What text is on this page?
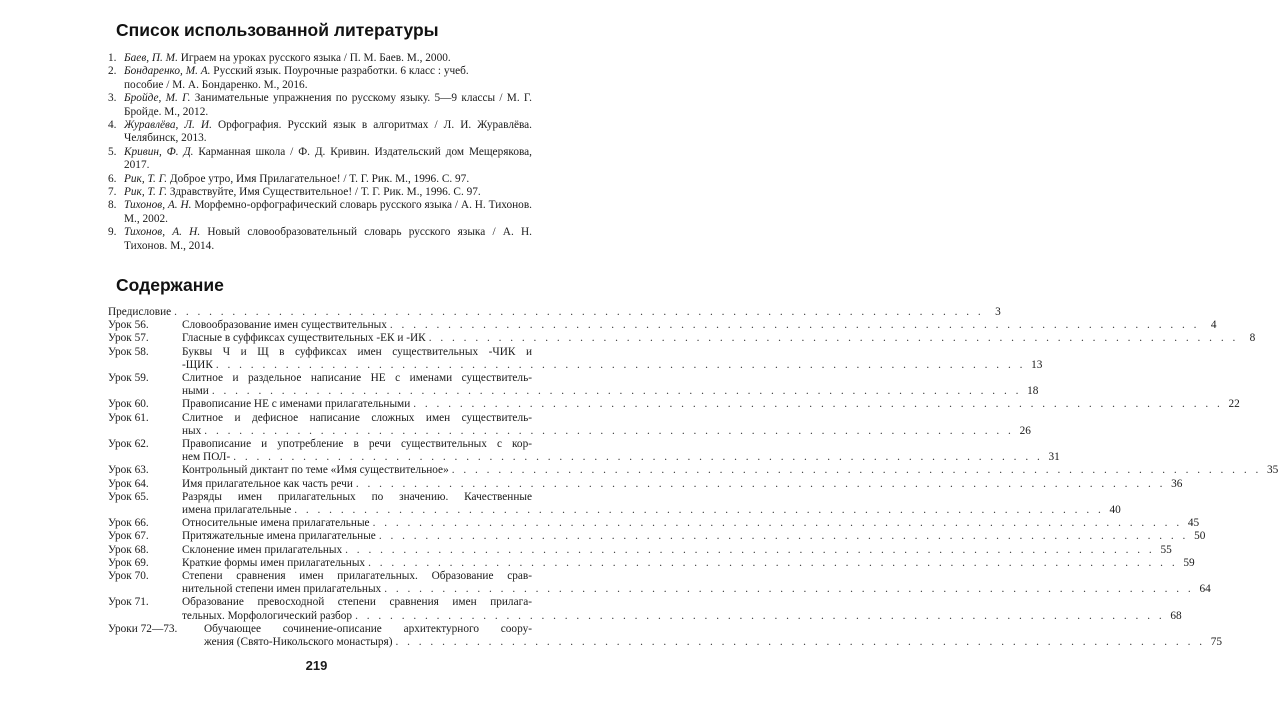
Список использованной литературы
1. Баев, П. М. Играем на уроках русского языка / П. М. Баев. М., 2000.
2. Бондаренко, М. А. Русский язык. Поурочные разработки. 6 класс : учеб.
пособие / М. А. Бондаренко. М., 2016.
3. Бройде, М. Г. Занимательные упражнения по русскому языку. 5—9 классы / М. Г. Бройде. М., 2012.
4. Журавлёва, Л. И. Орфография. Русский язык в алгоритмах / Л. И. Журавлёва. Челябинск, 2013.
5. Кривин, Ф. Д. Карманная школа / Ф. Д. Кривин. Издательский дом Мещерякова, 2017.
6. Рик, Т. Г. Доброе утро, Имя Прилагательное! / Т. Г. Рик. М., 1996. С. 97.
7. Рик, Т. Г. Здравствуйте, Имя Существительное! / Т. Г. Рик. М., 1996. С. 97.
8. Тихонов, А. Н. Морфемно-орфографический словарь русского языка / А. Н. Тихонов. М., 2002.
9. Тихонов, А. Н. Новый словообразовательный словарь русского языка / А. Н. Тихонов. М., 2014.
Содержание
Предисловие . . . . . . . . . . . . . . . . . . . . . . . . . . . . . . . . . . . . . . . . . . . . . . . . . . . . . . . . . . . . . . . . . . . . . .	3
Урок 56.	Словообразование имен существительных . . . . . . . . . . . . . . . . . . . . . . . . . . . . . . . . . . . . . . . . . . . . . . . . . . . . . . . . . . . . . . . . . . . . . .	4
Урок 57.	Гласные в суффиксах существительных -ЕК и -ИК . . . . . . . . . . . . . . . . . . . . . . . . . . . . . . . . . . . . . . . . . . . . . . . . . . . . . . . . . . . . . . . . . . . . . .	8
Урок 58.	Буквы Ч и Щ в суффиксах имен существительных -ЧИК и
-ЩИК . . . . . . . . . . . . . . . . . . . . . . . . . . . . . . . . . . . . . . . . . . . . . . . . . . . . . . . . . . . . . . . . . . . . . . 13
Урок 59.	Слитное и раздельное написание НЕ с именами существитель-
ными . . . . . . . . . . . . . . . . . . . . . . . . . . . . . . . . . . . . . . . . . . . . . . . . . . . . . . . . . . . . . . . . . . . . . . 18
Урок 60.	Правописание НЕ с именами прилагательными . . . . . . . . . . . . . . . . . . . . . . . . . . . . . . . . . . . . . . . . . . . . . . . . . . . . . . . . . . . . . . . . . . . . . . 22
Урок 61.	Слитное и дефисное написание сложных имен существитель-
ных . . . . . . . . . . . . . . . . . . . . . . . . . . . . . . . . . . . . . . . . . . . . . . . . . . . . . . . . . . . . . . . . . . . . . . 26
Урок 62.	Правописание и употребление в речи существительных с кор-
нем ПОЛ- . . . . . . . . . . . . . . . . . . . . . . . . . . . . . . . . . . . . . . . . . . . . . . . . . . . . . . . . . . . . . . . . . . . . . . 31
Урок 63.	Контрольный диктант по теме «Имя существительное» . . . . . . . . . . . . . . . . . . . . . . . . . . . . . . . . . . . . . . . . . . . . . . . . . . . . . . . . . . . . . . . . . . . . . . 35
Урок 64.	Имя прилагательное как часть речи . . . . . . . . . . . . . . . . . . . . . . . . . . . . . . . . . . . . . . . . . . . . . . . . . . . . . . . . . . . . . . . . . . . . . . 36
Урок 65.	Разряды имен прилагательных по значению. Качественные
имена прилагательные . . . . . . . . . . . . . . . . . . . . . . . . . . . . . . . . . . . . . . . . . . . . . . . . . . . . . . . . . . . . . . . . . . . . . . 40
Урок 66.	Относительные имена прилагательные . . . . . . . . . . . . . . . . . . . . . . . . . . . . . . . . . . . . . . . . . . . . . . . . . . . . . . . . . . . . . . . . . . . . . . 45
Урок 67.	Притяжательные имена прилагательные . . . . . . . . . . . . . . . . . . . . . . . . . . . . . . . . . . . . . . . . . . . . . . . . . . . . . . . . . . . . . . . . . . . . . . 50
Урок 68.	Склонение имен прилагательных . . . . . . . . . . . . . . . . . . . . . . . . . . . . . . . . . . . . . . . . . . . . . . . . . . . . . . . . . . . . . . . . . . . . . . 55
Урок 69.	Краткие формы имен прилагательных . . . . . . . . . . . . . . . . . . . . . . . . . . . . . . . . . . . . . . . . . . . . . . . . . . . . . . . . . . . . . . . . . . . . . . 59
Урок 70.	Степени сравнения имен прилагательных. Образование срав-
нительной степени имен прилагательных . . . . . . . . . . . . . . . . . . . . . . . . . . . . . . . . . . . . . . . . . . . . . . . . . . . . . . . . . . . . . . . . . . . . . . 64
Урок 71.	Образование превосходной степени сравнения имен прилага-
тельных. Морфологический разбор . . . . . . . . . . . . . . . . . . . . . . . . . . . . . . . . . . . . . . . . . . . . . . . . . . . . . . . . . . . . . . . . . . . . . . 68
Уроки 72—73.	Обучающее сочинение-описание архитектурного соору-
жения (Свято-Никольского монастыря) . . . . . . . . . . . . . . . . . . . . . . . . . . . . . . . . . . . . . . . . . . . . . . . . . . . . . . . . . . . . . . . . . . . . . . 75
219
